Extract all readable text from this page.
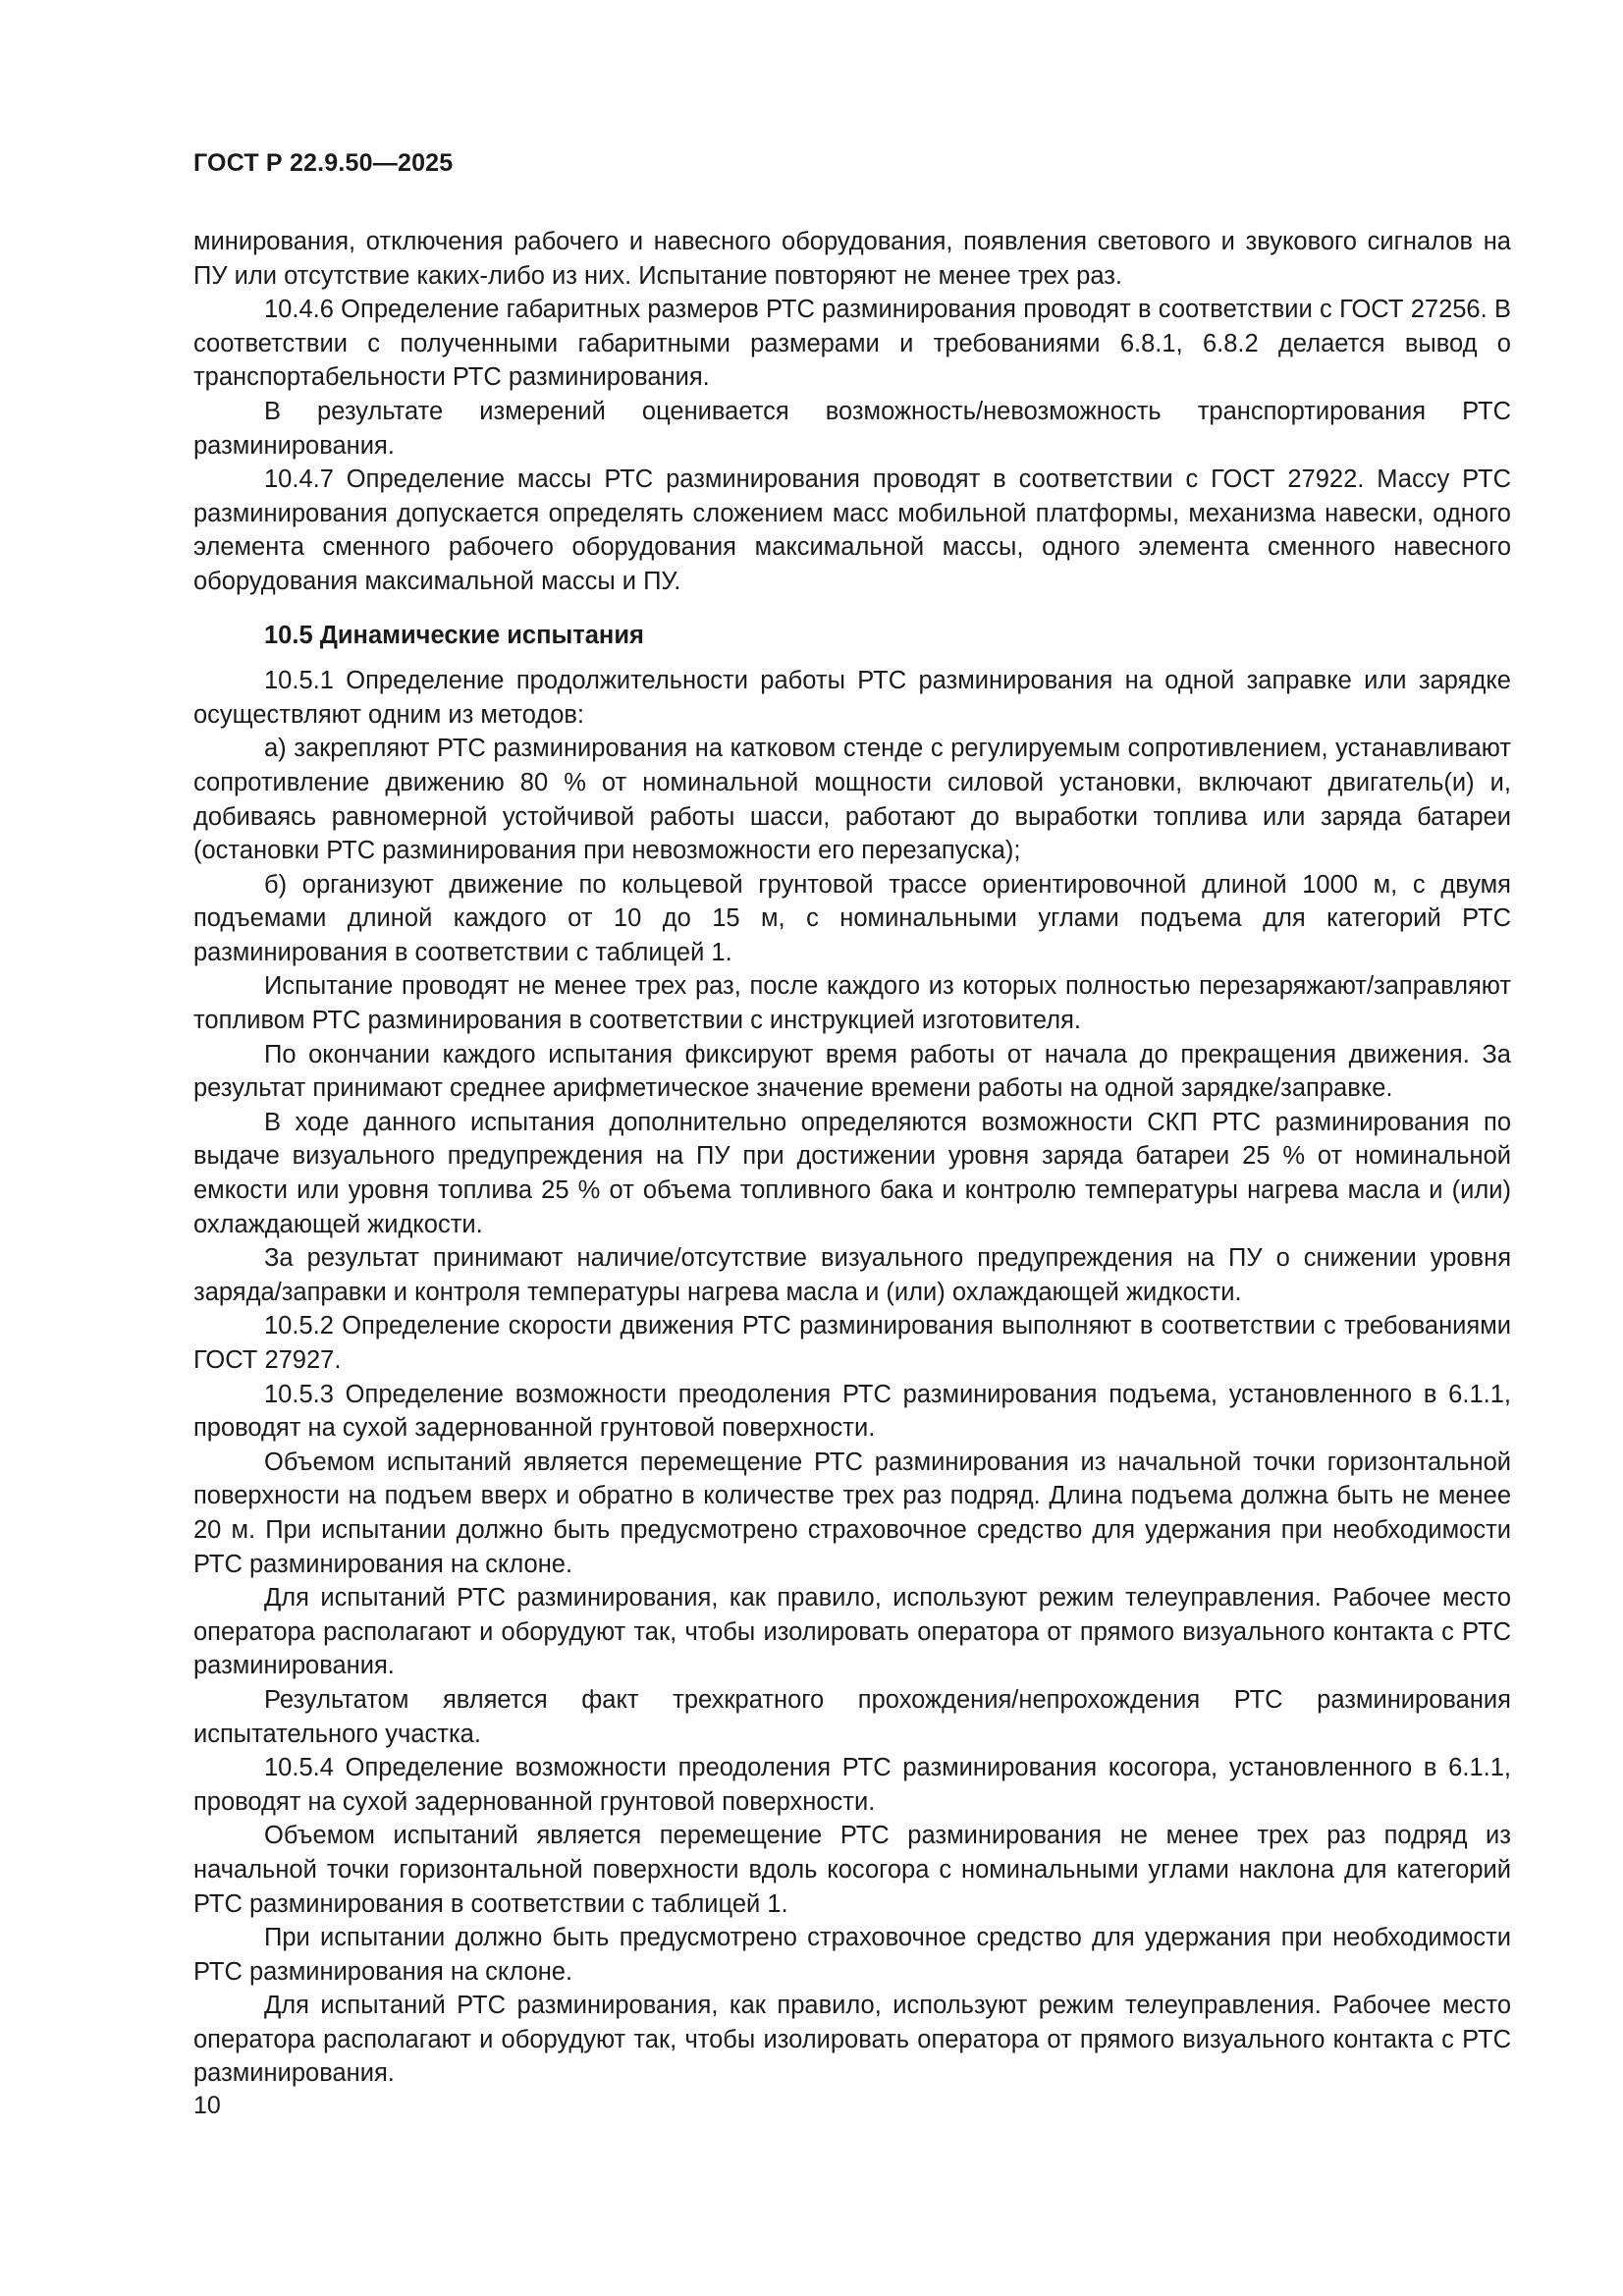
ГОСТ Р 22.9.50—2025

минирования, отключения рабочего и навесного оборудования, появления светового и звукового сигналов на ПУ или отсутствие каких-либо из них. Испытание повторяют не менее трех раз.

10.4.6 Определение габаритных размеров РТС разминирования проводят в соответствии с ГОСТ 27256. В соответствии с полученными габаритными размерами и требованиями 6.8.1, 6.8.2 делается вывод о транспортабельности РТС разминирования.

В результате измерений оценивается возможность/невозможность транспортирования РТС разминирования.

10.4.7 Определение массы РТС разминирования проводят в соответствии с ГОСТ 27922. Массу РТС разминирования допускается определять сложением масс мобильной платформы, механизма навески, одного элемента сменного рабочего оборудования максимальной массы, одного элемента сменного навесного оборудования максимальной массы и ПУ.

10.5 Динамические испытания

10.5.1 Определение продолжительности работы РТС разминирования на одной заправке или зарядке осуществляют одним из методов:

а) закрепляют РТС разминирования на катковом стенде с регулируемым сопротивлением, устанавливают сопротивление движению 80 % от номинальной мощности силовой установки, включают двигатель(и) и, добиваясь равномерной устойчивой работы шасси, работают до выработки топлива или заряда батареи (остановки РТС разминирования при невозможности его перезапуска);

б) организуют движение по кольцевой грунтовой трассе ориентировочной длиной 1000 м, с двумя подъемами длиной каждого от 10 до 15 м, с номинальными углами подъема для категорий РТС разминирования в соответствии с таблицей 1.

Испытание проводят не менее трех раз, после каждого из которых полностью перезаряжают/заправляют топливом РТС разминирования в соответствии с инструкцией изготовителя.

По окончании каждого испытания фиксируют время работы от начала до прекращения движения. За результат принимают среднее арифметическое значение времени работы на одной зарядке/заправке.

В ходе данного испытания дополнительно определяются возможности СКП РТС разминирования по выдаче визуального предупреждения на ПУ при достижении уровня заряда батареи 25 % от номинальной емкости или уровня топлива 25 % от объема топливного бака и контролю температуры нагрева масла и (или) охлаждающей жидкости.

За результат принимают наличие/отсутствие визуального предупреждения на ПУ о снижении уровня заряда/заправки и контроля температуры нагрева масла и (или) охлаждающей жидкости.

10.5.2 Определение скорости движения РТС разминирования выполняют в соответствии с требованиями ГОСТ 27927.

10.5.3 Определение возможности преодоления РТС разминирования подъема, установленного в 6.1.1, проводят на сухой задернованной грунтовой поверхности.

Объемом испытаний является перемещение РТС разминирования из начальной точки горизонтальной поверхности на подъем вверх и обратно в количестве трех раз подряд. Длина подъема должна быть не менее 20 м. При испытании должно быть предусмотрено страховочное средство для удержания при необходимости РТС разминирования на склоне.

Для испытаний РТС разминирования, как правило, используют режим телеуправления. Рабочее место оператора располагают и оборудуют так, чтобы изолировать оператора от прямого визуального контакта с РТС разминирования.

Результатом является факт трехкратного прохождения/непрохождения РТС разминирования испытательного участка.

10.5.4 Определение возможности преодоления РТС разминирования косогора, установленного в 6.1.1, проводят на сухой задернованной грунтовой поверхности.

Объемом испытаний является перемещение РТС разминирования не менее трех раз подряд из начальной точки горизонтальной поверхности вдоль косогора с номинальными углами наклона для категорий РТС разминирования в соответствии с таблицей 1.

При испытании должно быть предусмотрено страховочное средство для удержания при необходимости РТС разминирования на склоне.

Для испытаний РТС разминирования, как правило, используют режим телеуправления. Рабочее место оператора располагают и оборудуют так, чтобы изолировать оператора от прямого визуального контакта с РТС разминирования.

10
